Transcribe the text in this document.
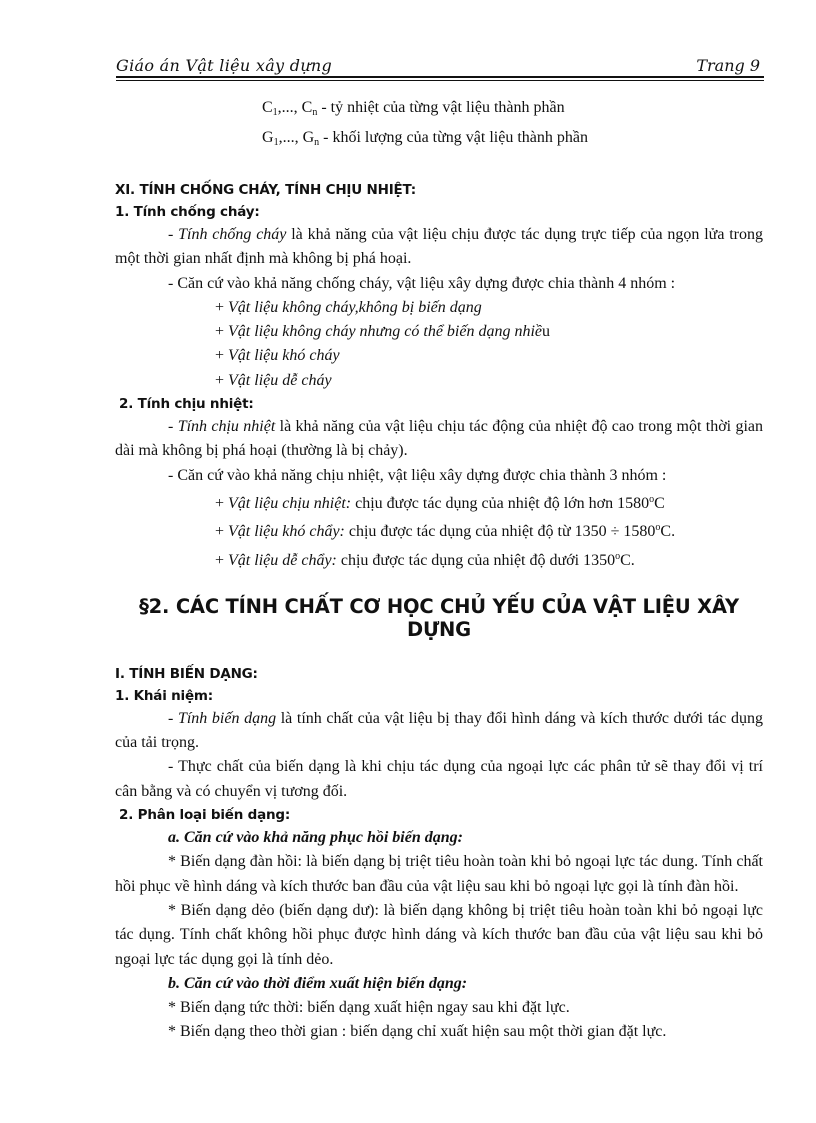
Giáo án Vật liệu xây dựng	Trang 9

$C_1$,..., $C_n$ - tỷ nhiệt của từng vật liệu thành phần

$G_1$,..., $G_n$ - khối lượng của từng vật liệu thành phần

XI. TÍNH CHỐNG CHÁY, TÍNH CHỊU NHIỆT:

1. Tính chống cháy:

- Tính chống cháy là khả năng của vật liệu chịu được tác dụng trực tiếp của ngọn lửa trong một thời gian nhất định mà không bị phá hoại.

- Căn cứ vào khả năng chống cháy, vật liệu xây dựng được chia thành 4 nhóm :

+ Vật liệu không cháy,không bị biến dạng

+ Vật liệu không cháy nhưng có thể biến dạng nhiều

+ Vật liệu khó cháy

+ Vật liệu dễ cháy

2. Tính chịu nhiệt:

- Tính chịu nhiệt là khả năng của vật liệu chịu tác động của nhiệt độ cao trong một thời gian dài mà không bị phá hoại (thường là bị chảy).

- Căn cứ vào khả năng chịu nhiệt, vật liệu xây dựng được chia thành 3 nhóm :

+ Vật liệu chịu nhiệt: chịu được tác dụng của nhiệt độ lớn hơn 1580$^o$C

+ Vật liệu khó chẩy: chịu được tác dụng của nhiệt độ từ $1350 \div 1580^oC$.

+ Vật liệu dễ chẩy: chịu được tác dụng của nhiệt độ dưới 1350$^o$C.

§2. CÁC TÍNH CHẤT CƠ HỌC CHỦ YẾU CỦA VẬT LIỆU XÂY DỰNG

I. TÍNH BIẾN DẠNG:

1. Khái niệm:

- Tính biến dạng là tính chất của vật liệu bị thay đổi hình dáng và kích thước dưới tác dụng của tải trọng.

- Thực chất của biến dạng là khi chịu tác dụng của ngoại lực các phân tử sẽ thay đổi vị trí cân bằng và có chuyển vị tương đối.

2. Phân loại biến dạng:

a. Căn cứ vào khả năng phục hồi biến dạng:

* Biến dạng đàn hồi: là biến dạng bị triệt tiêu hoàn toàn khi bỏ ngoại lực tác dung. Tính chất hồi phục về hình dáng và kích thước ban đầu của vật liệu sau khi bỏ ngoại lực gọi là tính đàn hồi.

* Biến dạng dẻo (biến dạng dư): là biến dạng không bị triệt tiêu hoàn toàn khi bỏ ngoại lực tác dụng. Tính chất không hồi phục được hình dáng và kích thước ban đầu của vật liệu sau khi bỏ ngoại lực tác dụng gọi là tính dẻo.

b. Căn cứ vào thời điểm xuất hiện biến dạng:

* Biến dạng tức thời: biến dạng xuất hiện ngay sau khi đặt lực.

* Biến dạng theo thời gian : biến dạng chỉ xuất hiện sau một thời gian đặt lực.
